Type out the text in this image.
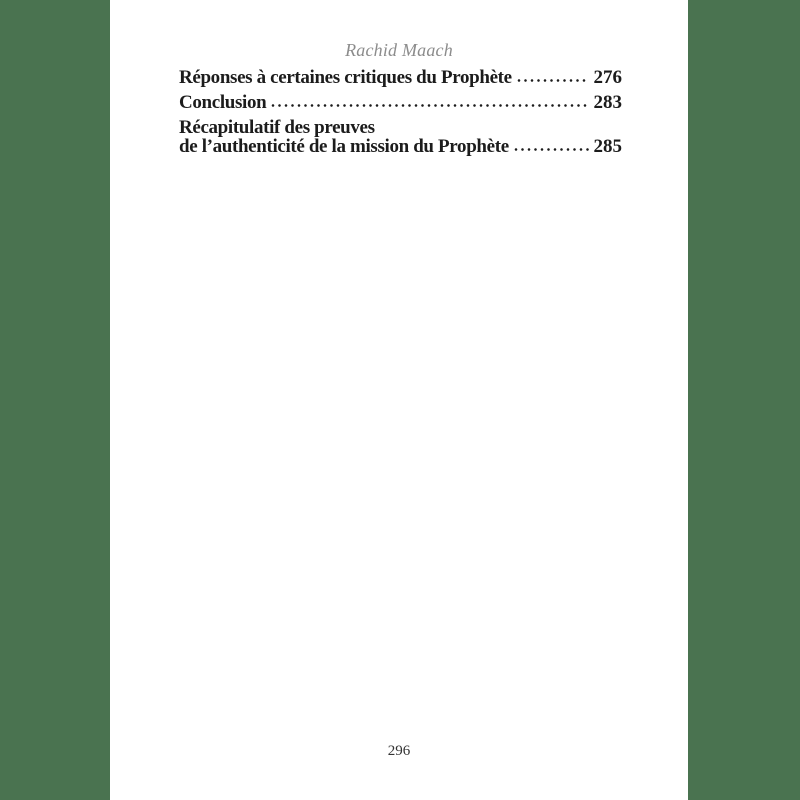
Rachid Maach
Réponses à certaines critiques du Prophète	276
Conclusion	283
Récapitulatif des preuves
de l’authenticité de la mission du Prophète	285
296
